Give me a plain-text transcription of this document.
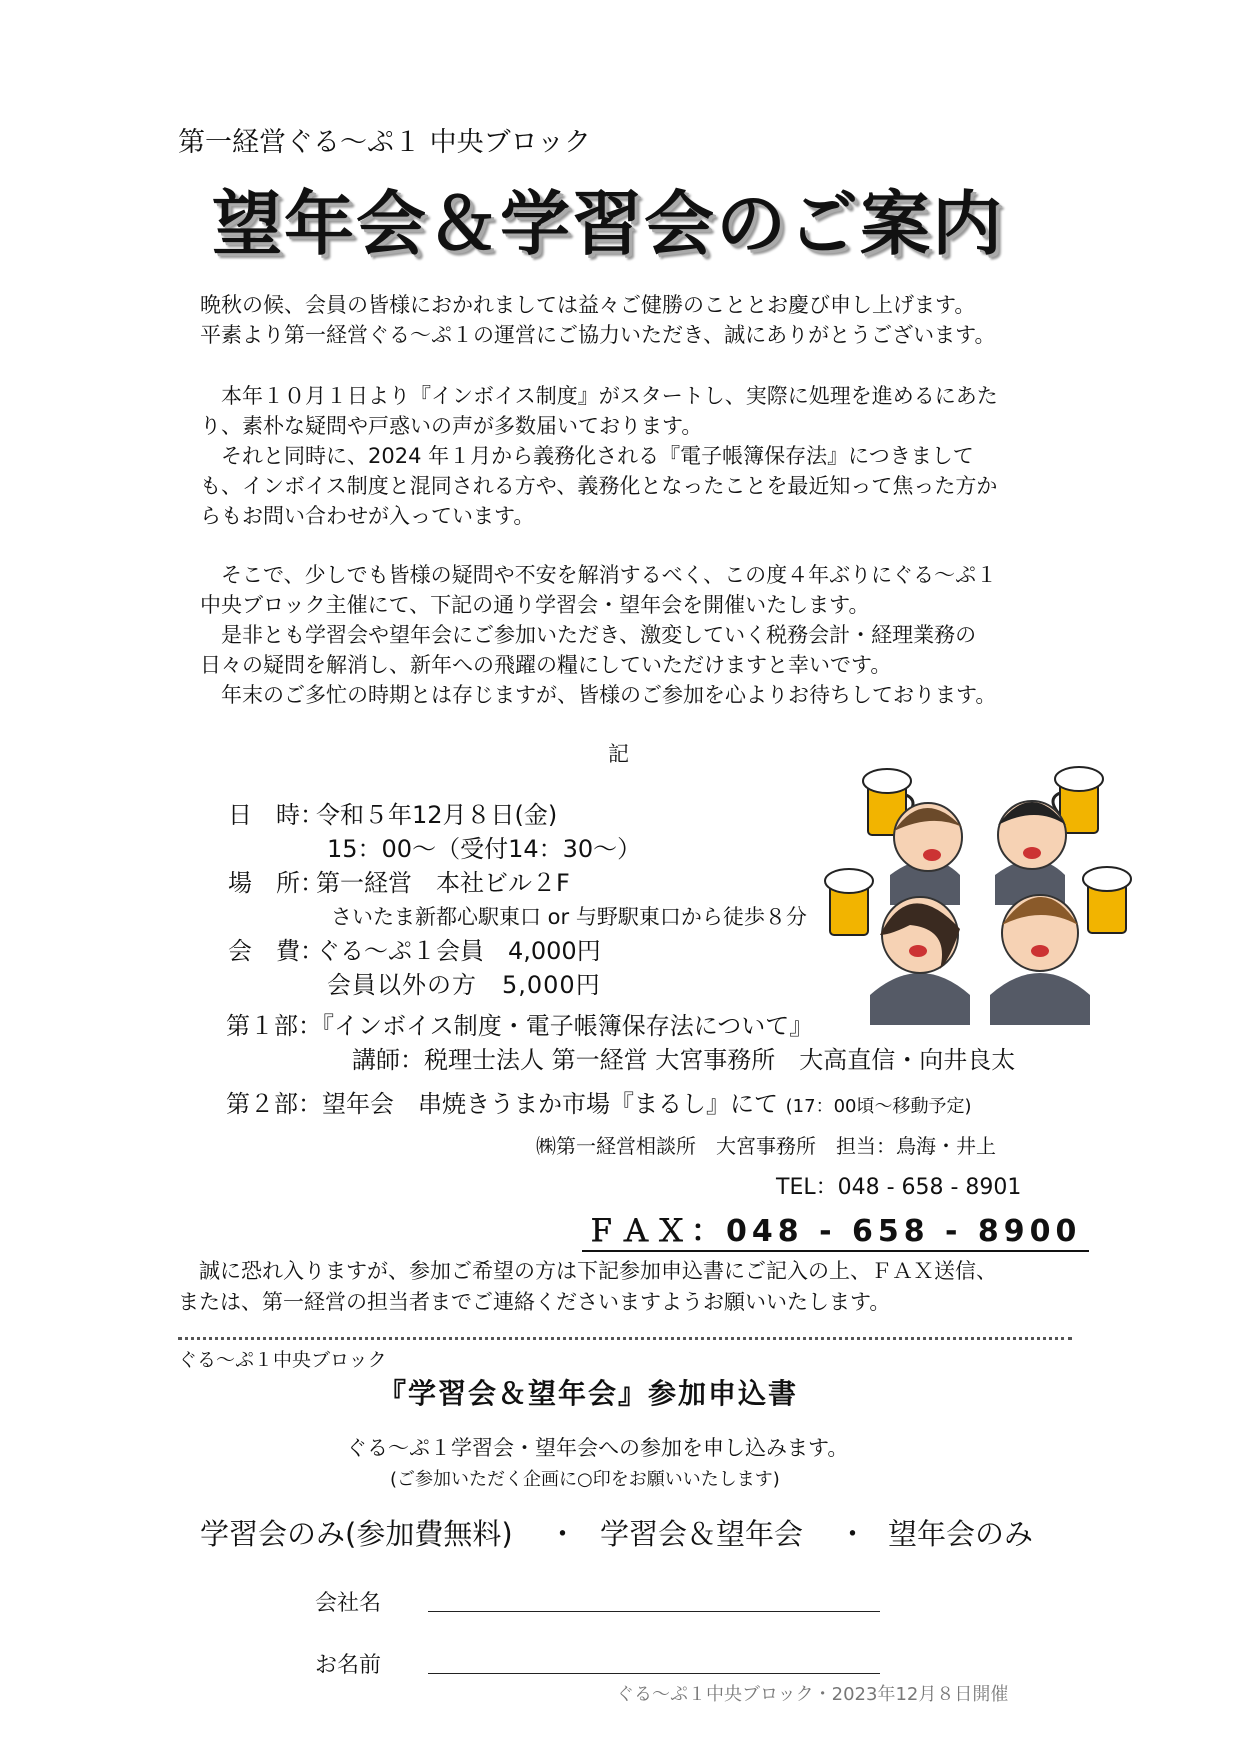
第一経営ぐる～ぷ１ 中央ブロック
望年会＆学習会のご案内
晩秋の候、会員の皆様におかれましては益々ご健勝のこととお慶び申し上げます。
平素より第一経営ぐる～ぷ１の運営にご協力いただき、誠にありがとうございます。
　本年１０月１日より『インボイス制度』がスタートし、実際に処理を進めるにあた
り、素朴な疑問や戸惑いの声が多数届いております。
　それと同時に、2024 年１月から義務化される『電子帳簿保存法』につきまして
も、インボイス制度と混同される方や、義務化となったことを最近知って焦った方か
らもお問い合わせが入っています。
　そこで、少しでも皆様の疑問や不安を解消するべく、この度４年ぶりにぐる～ぷ１
中央ブロック主催にて、下記の通り学習会・望年会を開催いたします。
　是非とも学習会や望年会にご参加いただき、激変していく税務会計・経理業務の
日々の疑問を解消し、新年への飛躍の糧にしていただけますと幸いです。
　年末のご多忙の時期とは存じますが、皆様のご参加を心よりお待ちしております。
記
日　時：令和５年12月８日(金)
15：00～（受付14：30～）
場　所：第一経営　本社ビル２F
さいたま新都心駅東口 or 与野駅東口から徒歩８分
会　費：ぐる～ぷ１会員　4,000円
会員以外の方　5,000円
第１部：『インボイス制度・電子帳簿保存法について』
講師：税理士法人 第一経営 大宮事務所　大高直信・向井良太
第２部：望年会　串焼きうまか市場『まるし』にて (17：00頃～移動予定)
㈱第一経営相談所　大宮事務所　担当：鳥海・井上
TEL：048 - 658 - 8901
ＦＡＸ：048 - 658 - 8900
　誠に恐れ入りますが、参加ご希望の方は下記参加申込書にご記入の上、ＦＡＸ送信、
または、第一経営の担当者までご連絡くださいますようお願いいたします。
ぐる～ぷ１中央ブロック
『学習会＆望年会』参加申込書
ぐる～ぷ１学習会・望年会への参加を申し込みます。
(ご参加いただく企画に○印をお願いいたします)
学習会のみ(参加費無料) ・ 学習会＆望年会 ・ 望年会のみ
会社名
お名前
ぐる～ぷ１中央ブロック・2023年12月８日開催
